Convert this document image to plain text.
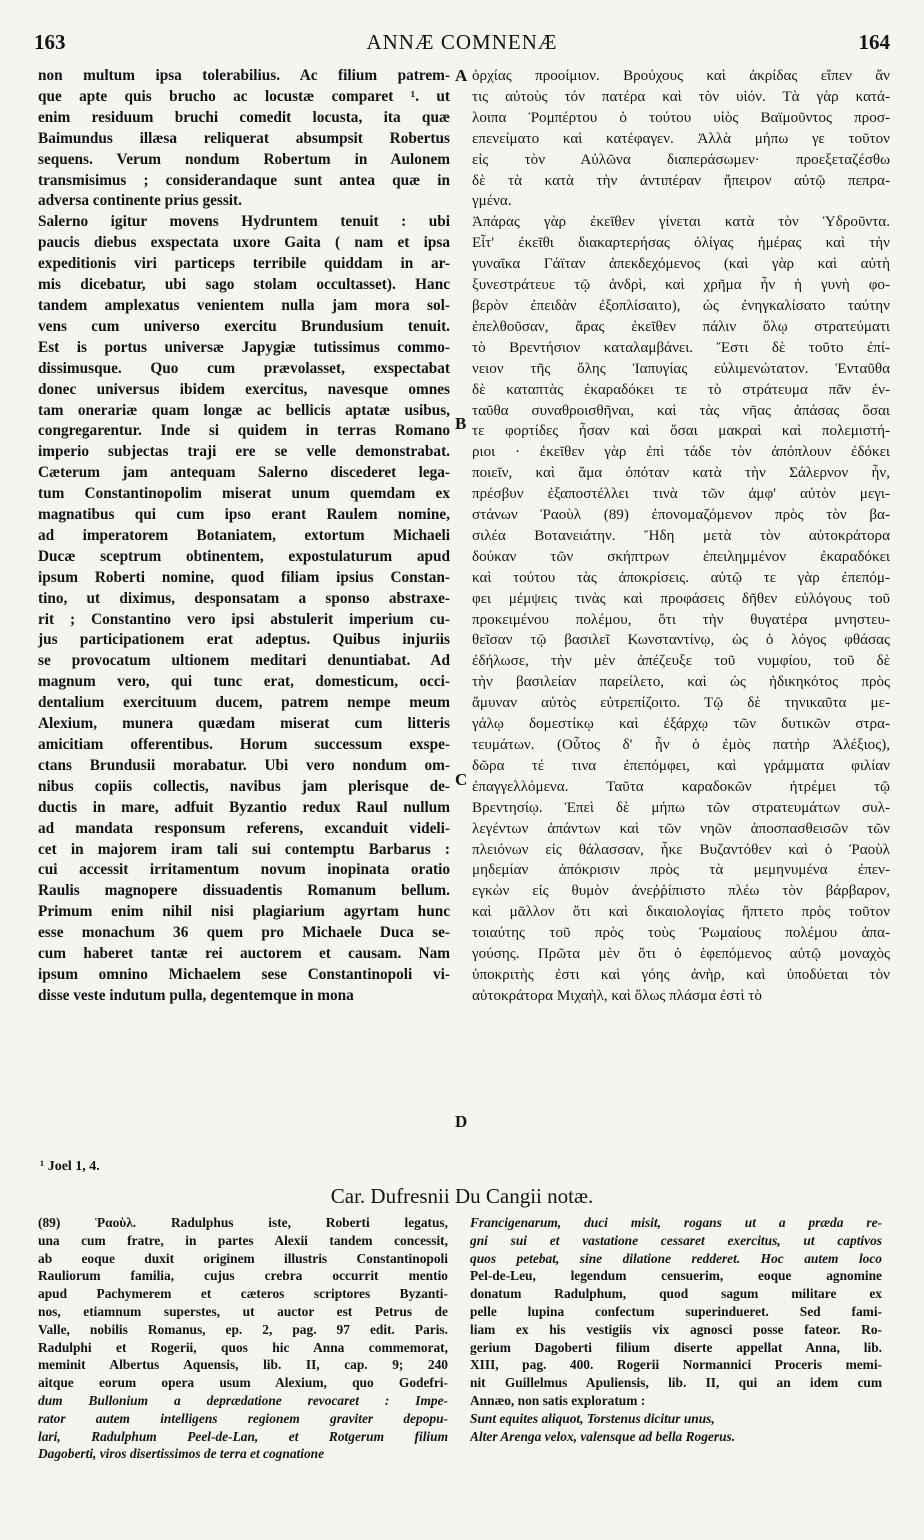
163	ANNÆ COMNENÆ	164
non multum ipsa tolerabilius. Ac filium patrem-
que apte quis brucho ac locustæ comparet ¹. ut
enim residuum bruchi comedit locusta, ita quæ
Baimundus illæsa reliquerat absumpsit Robertus
sequens. Verum nondum Robertum in Aulonem
transmisimus ; considerandaque sunt antea quæ in
adversa continente prius gessit.
Salerno igitur movens Hydruntem tenuit : ubi
paucis diebus exspectata uxore Gaita ( nam et ipsa
expeditionis viri particeps terribile quiddam in ar-
mis dicebatur, ubi sago stolam occultasset). Hanc
tandem amplexatus venientem nulla jam mora sol-
vens cum universo exercitu Brundusium tenuit.
Est is portus universæ Japygiæ tutissimus commo-
dissimusque. Quo cum prævolasset, exspectabat
donec universus ibidem exercitus, navesque omnes
tam onerariæ quam longæ ac bellicis aptatæ usibus,
congregarentur. Inde si quidem in terras Romano
imperio subjectas traji ere se velle demonstrabat.
Cæterum jam antequam Salerno discederet lega-
tum Constantinopolim miserat unum quemdam ex
magnatibus qui cum ipso erant Raulem nomine,
ad imperatorem Botaniatem, extortum Michaeli
Ducæ sceptrum obtinentem, expostulaturum apud
ipsum Roberti nomine, quod filiam ipsius Constan-
tino, ut diximus, desponsatam a sponso abstraxe-
rit ; Constantino vero ipsi abstulerit imperium cu-
jus participationem erat adeptus. Quibus injuriis
se provocatum ultionem meditari denuntiabat. Ad
magnum vero, qui tunc erat, domesticum, occi-
dentalium exercituum ducem, patrem nempe meum
Alexium, munera quædam miserat cum litteris
amicitiam offerentibus. Horum successum exspe-
ctans Brundusii morabatur. Ubi vero nondum om-
nibus copiis collectis, navibus jam plerisque de-
ductis in mare, adfuit Byzantio redux Raul nullum
ad mandata responsum referens, excanduit videli-
cet in majorem iram tali sui contemptu Barbarus :
cui accessit irritamentum novum inopinata oratio
Raulis magnopere dissuadentis Romanum bellum.
Primum enim nihil nisi plagiarium agyrtam hunc
esse monachum 36 quem pro Michaele Duca se-
cum haberet tantæ rei auctorem et causam. Nam
ipsum omnino Michaelem sese Constantinopoli vi-
disse veste indutum pulla, degentemque in mona
ὀρχίας προοίμιον. Βρούχους καὶ ἀκρίδας εἴπεν ἄν
τις αὐτοὺς τόν πατέρα καὶ τὸν υἱόν. Τὰ γὰρ κατά-
λοιπα Ῥομπέρτου ὁ τούτου υἱὸς Βαϊμοῦντος προσ-
επενείματο καὶ κατέφαγεν. Ἀλλὰ μήπω γε τοῦτον
εἰς τὸν Αὐλῶνα διαπεράσωμεν· προεξεταζέσθω
δὲ τὰ κατὰ τὴν ἀντιπέραν ἤπειρον αὐτῷ πεπρα-
γμένα.
Ἀπάρας γὰρ ἐκεῖθεν γίνεται κατὰ τὸν Ὑδροῦντα.
Εἶτ' ἐκεῖθι διακαρτερήσας ὀλίγας ἡμέρας καὶ τὴν
γυναῖκα Γάϊταν ἀπεκδεχόμενος (καὶ γὰρ καὶ αὐτὴ
ξυνεστράτευε τῷ ἀνδρὶ, καὶ χρῆμα ἦν ἡ γυνὴ φο-
βερὸν ἐπειδὰν ἐξοπλίσαιτο), ὡς ἐνηγκαλίσατο ταύτην
ἐπελθοῦσαν, ἄρας ἐκεῖθεν πάλιν ὅλῳ στρατεύματι
τὸ Βρεντήσιον καταλαμβάνει. Ἔστι δὲ τοῦτο ἐπί-
νειον τῆς ὅλης Ἰαπυγίας εὐλιμενώτατον. Ἐνταῦθα
δὲ καταπτὰς ἐκαραδόκει τε τὸ στράτευμα πᾶν ἐν-
ταῦθα συναθροισθῆναι, καὶ τὰς νῆας ἁπάσας ὅσαι
τε φορτίδες ἦσαν καὶ ὅσαι μακραὶ καὶ πολεμιστή-
ριοι · ἐκεῖθεν γὰρ ἐπὶ τάδε τὸν ἀπόπλουν ἐδόκει
ποιεῖν, καὶ ἅμα ὁπόταν κατὰ τὴν Σάλερνον ἦν,
πρέσβυν ἐξαποστέλλει τινὰ τῶν ἀμφ' αὐτὸν μεγι-
στάνων Ῥαοὺλ (89) ἐπονομαζόμενον πρὸς τὸν βα-
σιλέα Βοτανειάτην. Ἤδη μετὰ τὸν αὐτοκράτορα
δούκαν τῶν σκήπτρων ἐπειλημμένον ἐκαραδόκει
καὶ τούτου τὰς ἀποκρίσεις. αὐτῷ τε γὰρ ἐπεπόμ-
φει μέμψεις τινὰς καὶ προφάσεις δῆθεν εὐλόγους τοῦ
προκειμένου πολέμου, ὅτι τὴν θυγατέρα μνηστευ-
θεῖσαν τῷ βασιλεῖ Κωνσταντίνῳ, ὡς ὁ λόγος φθάσας
ἐδήλωσε, τὴν μὲν ἀπέζευξε τοῦ νυμφίου, τοῦ δὲ
τὴν βασιλείαν παρείλετο, καὶ ὡς ἠδικηκότος πρὸς
ἄμυναν αὐτὸς εὐτρεπίζοιτο. Τῷ δὲ τηνικαῦτα με-
γάλῳ δομεστίκῳ καὶ ἐξάρχῳ τῶν δυτικῶν στρα-
τευμάτων. (Οὗτος δ' ἦν ὁ ἐμὸς πατὴρ Ἀλέξιος),
δῶρα τέ τινα ἐπεπόμφει, καὶ γράμματα φιλίαν
ἐπαγγελλόμενα. Ταῦτα καραδοκῶν ἠτρέμει τῷ
Βρεντησίῳ. Ἐπεὶ δὲ μήπω τῶν στρατευμάτων συλ-
λεγέντων ἁπάντων καὶ τῶν νηῶν ἀποσπασθεισῶν τῶν
πλειόνων εἰς θάλασσαν, ἧκε Βυζαντόθεν καὶ ὁ Ῥαοὺλ
μηδεμίαν ἀπόκρισιν πρὸς τὰ μεμηνυμένα ἐπεν-
εγκὼν εἰς θυμὸν ἀνεῤῥίπιστο πλέω τὸν βάρβαρον,
καὶ μᾶλλον ὅτι καὶ δικαιολογίας ἥπτετο πρὸς τοῦτον
τοιαύτης τοῦ πρὸς τοὺς Ῥωμαίους πολέμου ἀπα-
γούσης. Πρῶτα μὲν ὅτι ὁ ἑφεπόμενος αὐτῷ μοναχὸς
ὑποκριτὴς ἐστι καὶ γόης ἀνὴρ, καὶ ὑποδύεται τὸν
αὐτοκράτορα Μιχαὴλ, καὶ ὅλως πλάσμα ἐστὶ τὸ
A
B
C
D
¹ Joel 1, 4.
Car. Dufresnii Du Cangii notæ.
(89) Ῥαοὺλ. Radulphus iste, Roberti legatus,
una cum fratre, in partes Alexii tandem concessit,
ab eoque duxit originem illustris Constantinopoli
Rauliorum familia, cujus crebra occurrit mentio
apud Pachymerem et cæteros scriptores Byzanti-
nos, etiamnum superstes, ut auctor est Petrus de
Valle, nobilis Romanus, ep. 2, pag. 97 edit. Paris.
Radulphi et Rogerii, quos hic Anna commemorat,
meminit Albertus Aquensis, lib. II, cap. 9; 240
aitque eorum opera usum Alexium, quo Godefri-
dum Bullonium a deprædatione revocaret : Impe-
rator autem intelligens regionem graviter depopu-
lari, Radulphum Peel-de-Lan, et Rotgerum filium
Dagoberti, viros disertissimos de terra et cognatione
Francigenarum, duci misit, rogans ut a præda re-
gni sui et vastatione cessaret exercitus, ut captivos
quos petebat, sine dilatione redderet. Hoc autem loco
Pel-de-Leu, legendum censuerim, eoque agnomine
donatum Radulphum, quod sagum militare ex
pelle lupina confectum superindueret. Sed fami-
liam ex his vestigiis vix agnosci posse fateor. Ro-
gerium Dagoberti filium diserte appellat Anna, lib.
XIII, pag. 400. Rogerii Normannici Proceris memi-
nit Guillelmus Apuliensis, lib. II, qui an idem cum
Annæo, non satis exploratum :
Sunt equites aliquot, Torstenus dicitur unus,
Alter Arenga velox, valensque ad bella Rogerus.
